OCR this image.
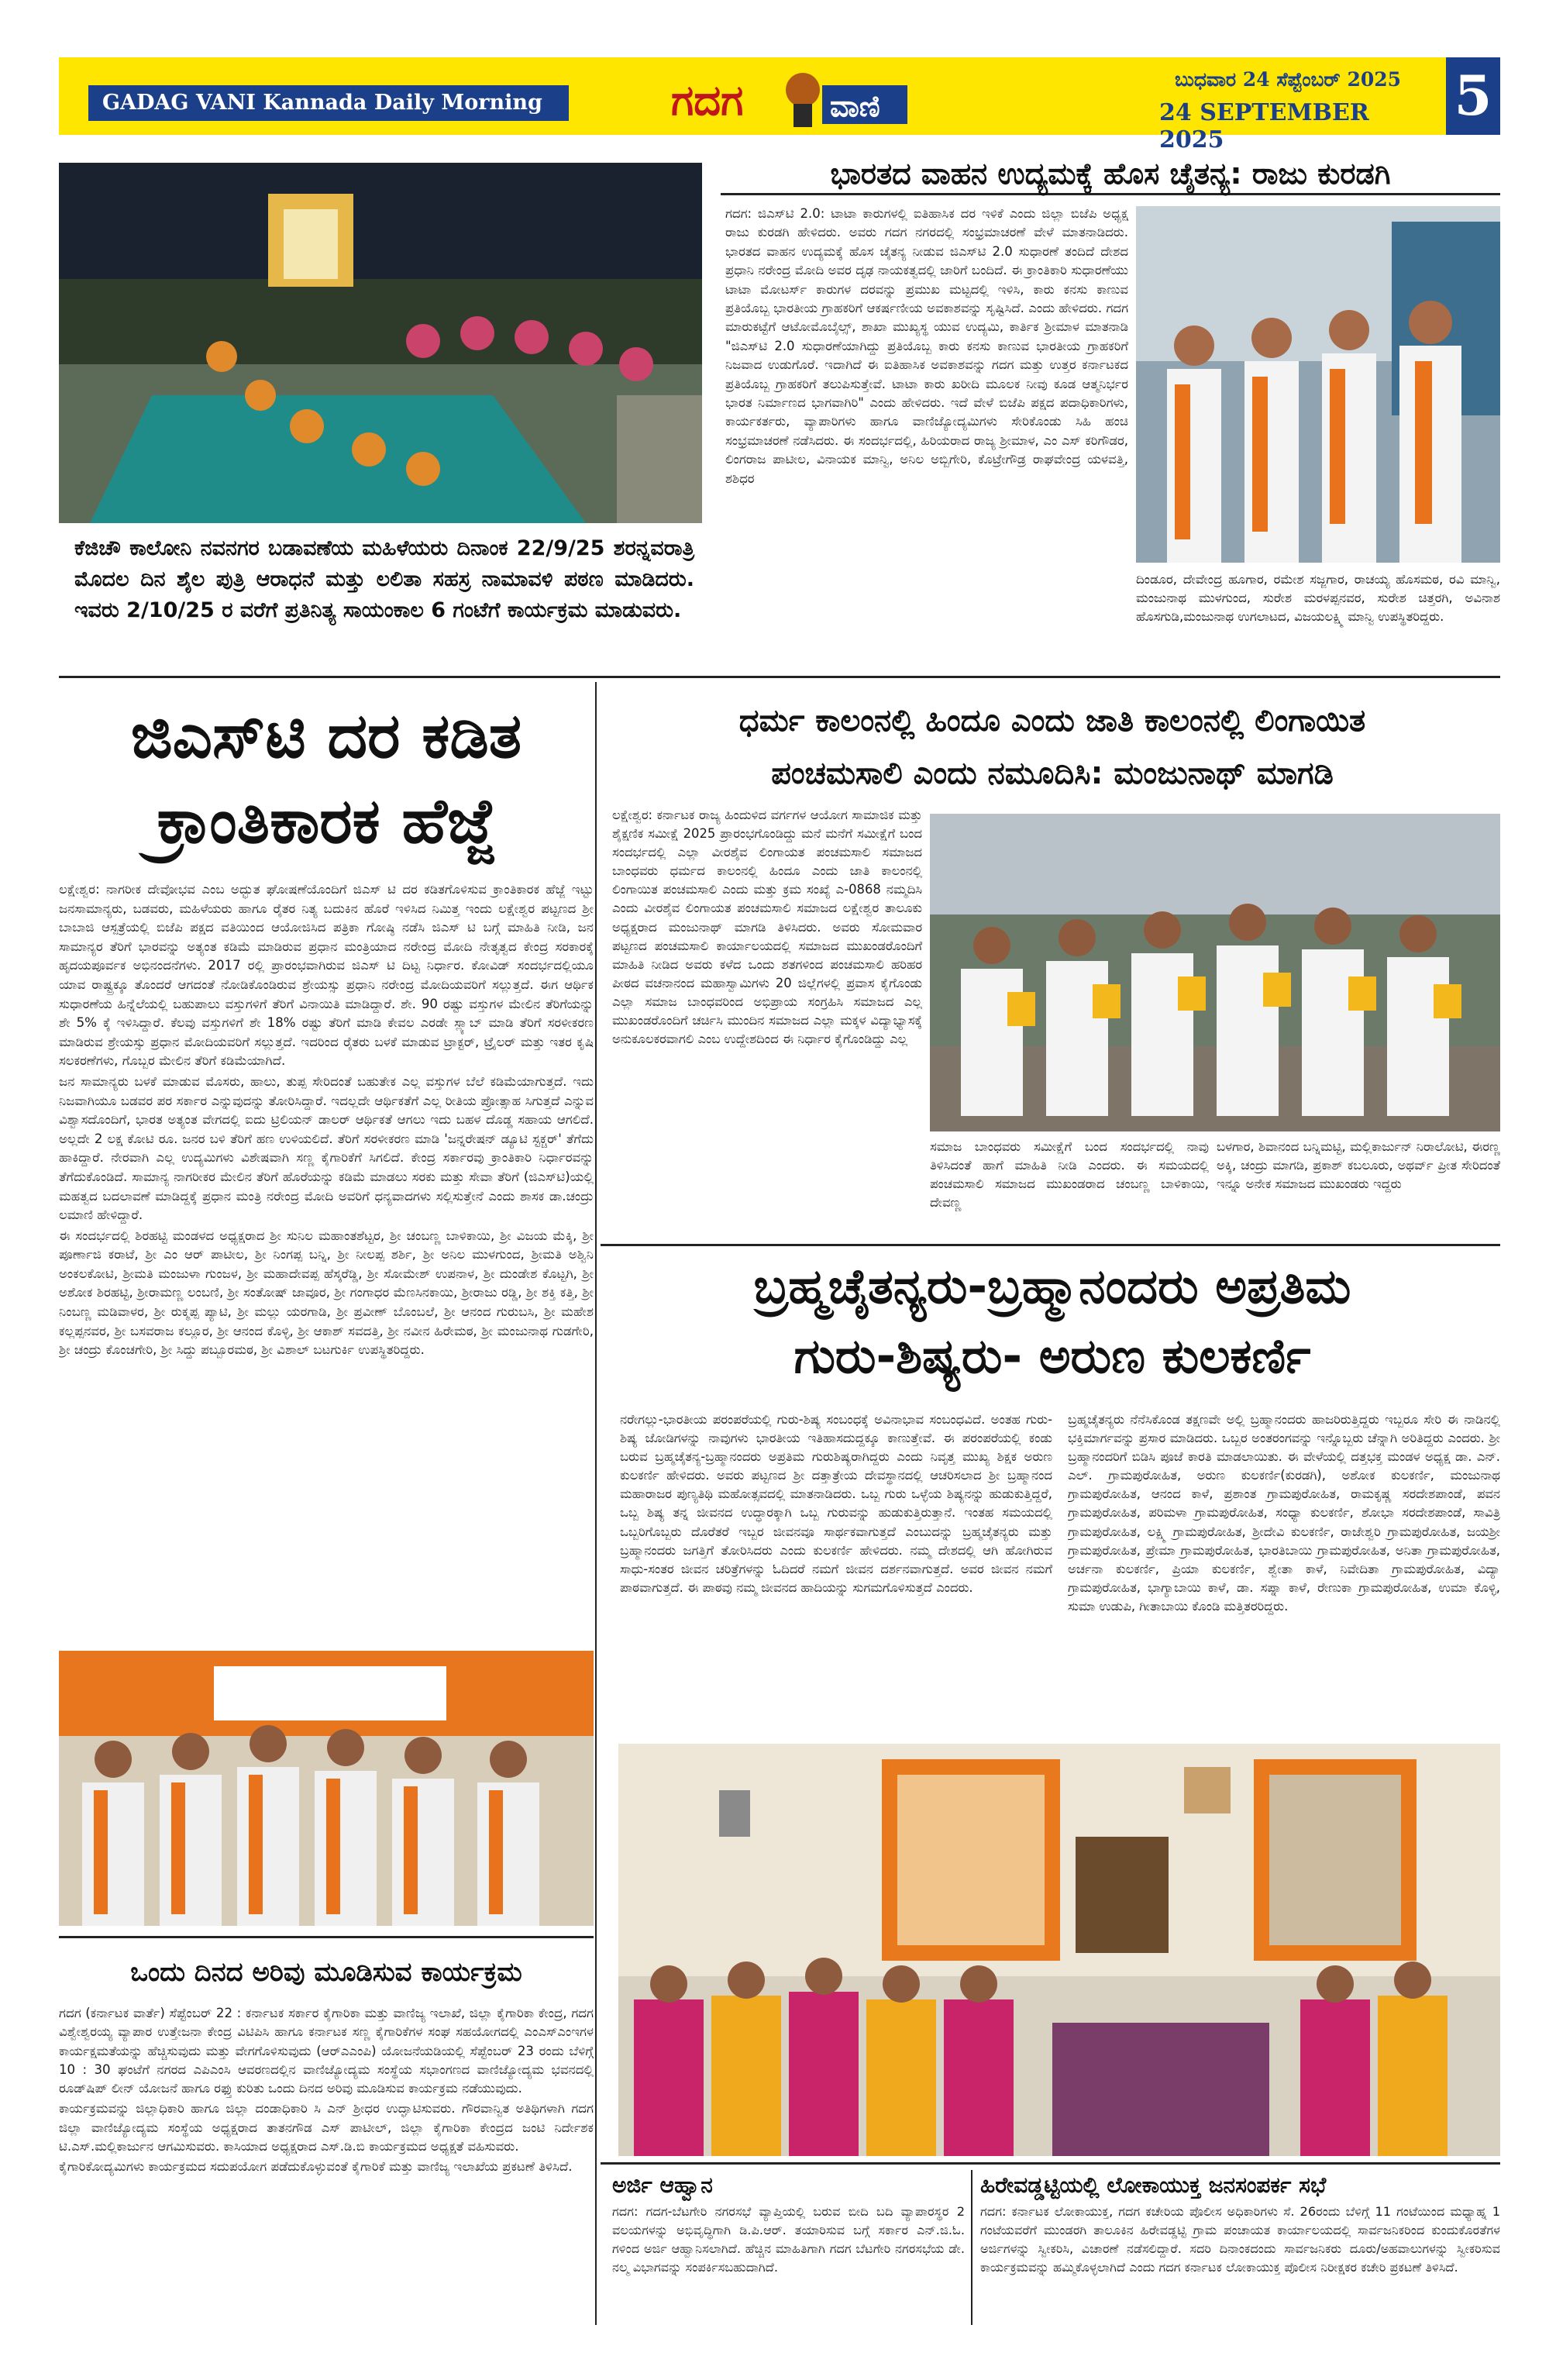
GADAG VANI Kannada Daily Morning	ಗದಗ	ವಾಣಿ
ಬುಧವಾರ 24 ಸೆಪ್ಟೆಂಬರ್ 2025
24 SEPTEMBER 2025
5
ಕೆಜಿಚೌ ಕಾಲೋನಿ ನವನಗರ ಬಡಾವಣೆಯ ಮಹಿಳೆಯರು ದಿನಾಂಕ 22/9/25 ಶರನ್ನವರಾತ್ರಿ ಮೊದಲ ದಿನ ಶೈಲ ಪುತ್ರಿ ಆರಾಧನೆ ಮತ್ತು ಲಲಿತಾ ಸಹಸ್ರ ನಾಮಾವಳಿ ಪಠಣ ಮಾಡಿದರು. ಇವರು 2/10/25 ರ ವರೆಗೆ ಪ್ರತಿನಿತ್ಯ ಸಾಯಂಕಾಲ 6 ಗಂಟೆಗೆ ಕಾರ್ಯಕ್ರಮ ಮಾಡುವರು.
ಭಾರತದ ವಾಹನ ಉದ್ಯಮಕ್ಕೆ ಹೊಸ ಚೈತನ್ಯ: ರಾಜು ಕುರಡಗಿ
ಗದಗ: ಜಿಎಸ್‌ಟಿ 2.0: ಟಾಟಾ ಕಾರುಗಳಲ್ಲಿ ಐತಿಹಾಸಿಕ ದರ ಇಳಿಕೆ ಎಂದು ಜಿಲ್ಲಾ ಬಿಜೆಪಿ ಅಧ್ಯಕ್ಷ ರಾಜು ಕುರಡಗಿ ಹೇಳಿದರು. ಅವರು ಗದಗ ನಗರದಲ್ಲಿ ಸಂಭ್ರಮಾಚರಣೆ ವೇಳೆ ಮಾತನಾಡಿದರು. ಭಾರತದ ವಾಹನ ಉದ್ಯಮಕ್ಕೆ ಹೊಸ ಚೈತನ್ಯ ನೀಡುವ ಜಿಎಸ್‌ಟಿ 2.0 ಸುಧಾರಣೆ ತಂದಿದೆ ದೇಶದ ಪ್ರಧಾನಿ ನರೇಂದ್ರ ಮೋದಿ ಅವರ ದೃಢ ನಾಯಕತ್ವದಲ್ಲಿ ಜಾರಿಗೆ ಬಂದಿದೆ. ಈ ಕ್ರಾಂತಿಕಾರಿ ಸುಧಾರಣೆಯು ಟಾಟಾ ಮೋಟರ್ಸ್ ಕಾರುಗಳ ದರವನ್ನು ಪ್ರಮುಖ ಮಟ್ಟದಲ್ಲಿ ಇಳಿಸಿ, ಕಾರು ಕನಸು ಕಾಣುವ ಪ್ರತಿಯೊಬ್ಬ ಭಾರತೀಯ ಗ್ರಾಹಕರಿಗೆ ಆಕರ್ಷಣೀಯ ಅವಕಾಶವನ್ನು ಸೃಷ್ಟಿಸಿದೆ. ಎಂದು ಹೇಳಿದರು. ಗದಗ ಮಾರುಕಟ್ಟೆಗೆ ಆಟೋಮೊಬೈಲ್ಸ್, ಶಾಖಾ ಮುಖ್ಯಸ್ಥ ಯುವ ಉದ್ಯಮಿ, ಕಾರ್ತಿಕ ಶ್ರೀಮಾಳ ಮಾತನಾಡಿ "ಜಿಎಸ್‌ಟಿ 2.0 ಸುಧಾರಣೆಯಾಗಿದ್ದು ಪ್ರತಿಯೊಬ್ಬ ಕಾರು ಕನಸು ಕಾಣುವ ಭಾರತೀಯ ಗ್ರಾಹಕರಿಗೆ ನಿಜವಾದ ಉಡುಗೊರೆ. ಇದಾಗಿದೆ ಈ ಐತಿಹಾಸಿಕ ಅವಕಾಶವನ್ನು ಗದಗ ಮತ್ತು ಉತ್ತರ ಕರ್ನಾಟಕದ ಪ್ರತಿಯೊಬ್ಬ ಗ್ರಾಹಕರಿಗೆ ತಲುಪಿಸುತ್ತೇವೆ. ಟಾಟಾ ಕಾರು ಖರೀದಿ ಮೂಲಕ ನೀವು ಕೂಡ ಆತ್ಮನಿರ್ಭರ ಭಾರತ ನಿರ್ಮಾಣದ ಭಾಗವಾಗಿರಿ" ಎಂದು ಹೇಳಿದರು. ಇದೆ ವೇಳೆ ಬಿಜೆಪಿ ಪಕ್ಷದ ಪದಾಧಿಕಾರಿಗಳು, ಕಾರ್ಯಕರ್ತರು, ವ್ಯಾಪಾರಿಗಳು ಹಾಗೂ ವಾಣಿಜ್ಯೋದ್ಯಮಿಗಳು ಸೇರಿಕೊಂಡು ಸಿಹಿ ಹಂಚಿ ಸಂಭ್ರಮಾಚರಣೆ ನಡೆಸಿದರು. ಈ ಸಂದರ್ಭದಲ್ಲಿ, ಹಿರಿಯರಾದ ರಾಜ್ಯ ಶ್ರೀಮಾಳ, ಎಂ ಎಸ್ ಕರಿಗೌಡರ, ಲಿಂಗರಾಜ ಪಾಟೀಲ, ವಿನಾಯಕ ಮಾನ್ವಿ, ಅನಿಲ ಅಬ್ಬಿಗೇರಿ, ಕೊಟ್ರೇಗೌಡ್ರ ರಾಘವೇಂದ್ರ ಯಳವತ್ತಿ, ಶಶಿಧರ
ದಿಂಡೂರ, ದೇವೇಂದ್ರ ಹೂಗಾರ, ರಮೇಶ ಸಜ್ಜಗಾರ, ರಾಚಯ್ಯ ಹೊಸಮಠ, ರವಿ ಮಾನ್ವಿ, ಮಂಜುನಾಥ ಮುಳಗುಂದ, ಸುರೇಶ ಮರಳಪ್ಪನವರ, ಸುರೇಶ ಚಿತ್ತರಗಿ, ಅವಿನಾಶ ಹೊಸಗುಡಿ,ಮಂಜುನಾಥ ಉಗಲಾಟದ, ವಿಜಯಲಕ್ಷ್ಮಿ ಮಾನ್ವಿ ಉಪಸ್ಥಿತರಿದ್ದರು.
ಜಿಎಸ್‌ಟಿ ದರ ಕಡಿತ
ಕ್ರಾಂತಿಕಾರಕ ಹೆಜ್ಜೆ

ಲಕ್ಷೇಶ್ವರ: ನಾಗರೀಕ ದೇವೋಭವ ಎಂಬ ಅದ್ಭುತ ಘೋಷಣೆಯೊಂದಿಗೆ ಜಿಎಸ್ ಟಿ ದರ ಕಡಿತಗೊಳಿಸುವ ಕ್ರಾಂತಿಕಾರಕ ಹೆಜ್ಜೆ ಇಟ್ಟು ಜನಸಾಮಾನ್ಯರು, ಬಡವರು, ಮಹಿಳೆಯರು ಹಾಗೂ ರೈತರ ನಿತ್ಯ ಬದುಕಿನ ಹೊರೆ ಇಳಿಸಿದ ನಿಮಿತ್ತ ಇಂದು ಲಕ್ಷೇಶ್ವರ ಪಟ್ಟಣದ ಶ್ರೀ ಬಾಬಾಜಿ ಆಸ್ಪತ್ರೆಯಲ್ಲಿ ಬಿಜೆಪಿ ಪಕ್ಷದ ವತಿಯಿಂದ ಆಯೋಜಿಸಿದ ಪತ್ರಿಕಾ ಗೋಷ್ಠಿ ನಡೆಸಿ ಜಿಎಸ್ ಟಿ ಬಗ್ಗೆ ಮಾಹಿತಿ ನೀಡಿ, ಜನ ಸಾಮಾನ್ಯರ ತೆರಿಗೆ ಭಾರವನ್ನು ಅತ್ಯಂತ ಕಡಿಮೆ ಮಾಡಿರುವ ಪ್ರಧಾನ ಮಂತ್ರಿಯಾದ ನರೇಂದ್ರ ಮೋದಿ ನೇತೃತ್ವದ ಕೇಂದ್ರ ಸರಕಾರಕ್ಕೆ ಹೃದಯಪೂರ್ವಕ ಅಭಿನಂದನೆಗಳು. 2017 ರಲ್ಲಿ ಪ್ರಾರಂಭವಾಗಿರುವ ಜಿಎಸ್ ಟಿ ದಿಟ್ಟ ನಿರ್ಧಾರ. ಕೋವಿಡ್ ಸಂದರ್ಭದಲ್ಲಿಯೂ ಯಾವ ರಾಷ್ಟ್ರಕ್ಕೂ ತೊಂದರೆ ಆಗದಂತೆ ನೋಡಿಕೊಂಡಿರುವ ಶ್ರೇಯಸ್ಸು ಪ್ರಧಾನಿ ನರೇಂದ್ರ ಮೋದಿಯವರಿಗೆ ಸಲ್ಲುತ್ತದೆ. ಈಗ ಆರ್ಥಿಕ ಸುಧಾರಣೆಯ ಹಿನ್ನೆಲೆಯಲ್ಲಿ ಬಹುಪಾಲು ವಸ್ತುಗಳಿಗೆ ತೆರಿಗೆ ವಿನಾಯಿತಿ ಮಾಡಿದ್ದಾರೆ. ಶೇ. 90 ರಷ್ಟು ವಸ್ತುಗಳ ಮೇಲಿನ ತೆರಿಗೆಯನ್ನು ಶೇ 5% ಕ್ಕೆ ಇಳಿಸಿದ್ದಾರೆ. ಕೆಲವು ವಸ್ತುಗಳಿಗೆ ಶೇ 18% ರಷ್ಟು ತೆರಿಗೆ ಮಾಡಿ ಕೇವಲ ಎರಡೇ ಸ್ಲ್ಯಾಬ್ ಮಾಡಿ ತೆರಿಗೆ ಸರಳೀಕರಣ ಮಾಡಿರುವ ಶ್ರೇಯಸ್ಸು ಪ್ರಧಾನ ಮೋದಿಯವರಿಗೆ ಸಲ್ಲುತ್ತದೆ. ಇದರಿಂದ ರೈತರು ಬಳಕೆ ಮಾಡುವ ಟ್ರಾಕ್ಟರ್, ಟ್ರೈಲರ್ ಮತ್ತು ಇತರ ಕೃಷಿ ಸಲಕರಣೆಗಳು, ಗೊಬ್ಬರ ಮೇಲಿನ ತೆರಿಗೆ ಕಡಿಮೆಯಾಗಿದೆ.

ಜನ ಸಾಮಾನ್ಯರು ಬಳಕೆ ಮಾಡುವ ಮೊಸರು, ಹಾಲು, ತುಪ್ಪ ಸೇರಿದಂತೆ ಬಹುತೇಕ ಎಲ್ಲ ವಸ್ತುಗಳ ಬೆಲೆ ಕಡಿಮೆಯಾಗುತ್ತದೆ. ಇದು ನಿಜವಾಗಿಯೂ ಬಡವರ ಪರ ಸರ್ಕಾರ ಎನ್ನುವುದನ್ನು ತೋರಿಸಿದ್ದಾರೆ. ಇದಲ್ಲದೇ ಆರ್ಥಿಕತೆಗೆ ಎಲ್ಲ ರೀತಿಯ ಪ್ರೋತ್ಸಾಹ ಸಿಗುತ್ತದೆ ಎನ್ನುವ ವಿಶ್ವಾಸದೊಂದಿಗೆ, ಭಾರತ ಅತ್ಯಂತ ವೇಗದಲ್ಲಿ ಐದು ಟ್ರಿಲಿಯನ್ ಡಾಲರ್ ಆರ್ಥಿಕತೆ ಆಗಲು ಇದು ಬಹಳ ದೊಡ್ಡ ಸಹಾಯ ಆಗಲಿದೆ. ಅಲ್ಲದೇ 2 ಲಕ್ಷ ಕೋಟಿ ರೂ. ಜನರ ಬಳಿ ತೆರಿಗೆ ಹಣ ಉಳಿಯಲಿದೆ. ತೆರಿಗೆ ಸರಳೀಕರಣ ಮಾಡಿ 'ಜನ್ನರೇಷನ್ ಡ್ಯೂಟಿ ಸ್ಟಕ್ಚರ್' ತೆಗೆದು ಹಾಕಿದ್ದಾರೆ. ನೇರವಾಗಿ ಎಲ್ಲ ಉದ್ಯಮಿಗಳು ವಿಶೇಷವಾಗಿ ಸಣ್ಣ ಕೈಗಾರಿಕೆಗೆ ಸಿಗಲಿದೆ. ಕೇಂದ್ರ ಸರ್ಕಾರವು ಕ್ರಾಂತಿಕಾರಿ ನಿರ್ಧಾರವನ್ನು ತೆಗೆದುಕೊಂಡಿದೆ. ಸಾಮಾನ್ಯ ನಾಗರೀಕರ ಮೇಲಿನ ತೆರಿಗೆ ಹೊರೆಯನ್ನು ಕಡಿಮೆ ಮಾಡಲು ಸರಕು ಮತ್ತು ಸೇವಾ ತೆರಿಗೆ (ಜಿಎಸ್‌ಟಿ)ಯಲ್ಲಿ ಮಹತ್ವದ ಬದಲಾವಣೆ ಮಾಡಿದ್ದಕ್ಕೆ ಪ್ರಧಾನ ಮಂತ್ರಿ ನರೇಂದ್ರ ಮೋದಿ ಅವರಿಗೆ ಧನ್ಯವಾದಗಳು ಸಲ್ಲಿಸುತ್ತೇನೆ ಎಂದು ಶಾಸಕ ಡಾ.ಚಂದ್ರು ಲಮಾಣಿ ಹೇಳಿದ್ದಾರೆ.

ಈ ಸಂದರ್ಭದಲ್ಲಿ ಶಿರಹಟ್ಟಿ ಮಂಡಳದ ಅಧ್ಯಕ್ಷರಾದ ಶ್ರೀ ಸುನಿಲ ಮಹಾಂತಶೆಟ್ಟರ, ಶ್ರೀ ಚಂಬಣ್ಣ ಬಾಳಿಕಾಯಿ, ಶ್ರೀ ವಿಜಯ ಮೆಕ್ಕಿ, ಶ್ರೀ ಪೂರ್ಣಾಜಿ ಕರಾಟೆ, ಶ್ರೀ ಎಂ ಆರ್ ಪಾಟೀಲ, ಶ್ರೀ ನಿಂಗಪ್ಪ ಬನ್ನಿ, ಶ್ರೀ ನೀಲಪ್ಪ ಶರ್ಶಿ, ಶ್ರೀ ಅನಿಲ ಮುಳಗುಂದ, ಶ್ರೀಮತಿ ಅಶ್ವಿನಿ ಅಂಕಲಕೋಟಿ, ಶ್ರೀಮತಿ ಮಂಜುಳಾ ಗುಂಜಳ, ಶ್ರೀ ಮಹಾದೇವಪ್ಪ ಹೆಸ್ಕರೆಡ್ಡಿ, ಶ್ರೀ ಸೋಮೇಶ್ ಉಪನಾಳ, ಶ್ರೀ ದುಂಡೇಶ ಕೊಟ್ಟಗಿ, ಶ್ರೀ ಅಶೋಕ ಶಿರಹಟ್ಟಿ, ಶ್ರೀರಾಮಣ್ಣ ಲಂಬಣಿ, ಶ್ರೀ ಸಂತೋಷ್ ಜಾವೂರ, ಶ್ರೀ ಗಂಗಾಧರ ಮೆಣಸಿನಕಾಯಿ, ಶ್ರೀರಾಜು ರಡ್ಡಿ, ಶ್ರೀ ಶಕ್ತಿ ಕತ್ತಿ, ಶ್ರೀ ನಿಂಬಣ್ಣ ಮಡಿವಾಳರ, ಶ್ರೀ ರುಕ್ಮಪ್ಪ ಪ್ಯಾಟಿ, ಶ್ರೀ ಮಲ್ಲು ಯರಗಾಡಿ, ಶ್ರೀ ಪ್ರವೀಣ್ ಬೊಂಬಲೆ, ಶ್ರೀ ಆನಂದ ಗುರುಬಸಿ, ಶ್ರೀ ಮಹೇಶ ಕಲ್ಲಪ್ಪನವರ, ಶ್ರೀ ಬಸವರಾಜ ಕಲ್ಲೂರ, ಶ್ರೀ ಆನಂದ ಕೊಳ್ಳಿ, ಶ್ರೀ ಆಕಾಶ್ ಸವದತ್ತಿ, ಶ್ರೀ ನವೀನ ಹಿರೇಮಠ, ಶ್ರೀ ಮಂಜುನಾಥ ಗುಡಗೇರಿ, ಶ್ರೀ ಚಂದ್ರು ಕೊಂಚಗೇರಿ, ಶ್ರೀ ಸಿದ್ದು ಪಬ್ಬೂರಮಠ, ಶ್ರೀ ವಿಶಾಲ್ ಬಟಗುರ್ಕಿ ಉಪಸ್ಥಿತರಿದ್ದರು.

ಧರ್ಮ ಕಾಲಂನಲ್ಲಿ ಹಿಂದೂ ಎಂದು ಜಾತಿ ಕಾಲಂನಲ್ಲಿ ಲಿಂಗಾಯಿತ
ಪಂಚಮಸಾಲಿ ಎಂದು ನಮೂದಿಸಿ: ಮಂಜುನಾಥ್ ಮಾಗಡಿ
ಲಕ್ಷೇಶ್ವರ: ಕರ್ನಾಟಕ ರಾಜ್ಯ ಹಿಂದುಳಿದ ವರ್ಗಗಳ ಆಯೋಗ ಸಾಮಾಜಿಕ ಮತ್ತು ಶೈಕ್ಷಣಿಕ ಸಮೀಕ್ಷೆ 2025 ಪ್ರಾರಂಭಗೊಂಡಿದ್ದು ಮನೆ ಮನೆಗೆ ಸಮೀಕ್ಷೆಗೆ ಬಂದ ಸಂದರ್ಭದಲ್ಲಿ ಎಲ್ಲಾ ವೀರಶೈವ ಲಿಂಗಾಯತ ಪಂಚಮಸಾಲಿ ಸಮಾಜದ ಬಾಂಧವರು ಧರ್ಮದ ಕಾಲಂನಲ್ಲಿ ಹಿಂದೂ ಎಂದು ಜಾತಿ ಕಾಲಂನಲ್ಲಿ ಲಿಂಗಾಯಿತ ಪಂಚಮಸಾಲಿ ಎಂದು ಮತ್ತು ಕ್ರಮ ಸಂಖ್ಯೆ ಎ-0868 ನಮ್ಮದಿಸಿ ಎಂದು ವೀರಶೈವ ಲಿಂಗಾಯತ ಪಂಚಮಸಾಲಿ ಸಮಾಜದ ಲಕ್ಷೇಶ್ವರ ತಾಲೂಕು ಅಧ್ಯಕ್ಷರಾದ ಮಂಜುನಾಥ್ ಮಾಗಡಿ ತಿಳಿಸಿದರು. ಅವರು ಸೋಮವಾರ ಪಟ್ಟಣದ ಪಂಚಮಸಾಲಿ ಕಾರ್ಯಾಲಯದಲ್ಲಿ ಸಮಾಜದ ಮುಖಂಡರೊಂದಿಗೆ ಮಾಹಿತಿ ನೀಡಿದ ಅವರು ಕಳೆದ ಒಂದು ಶತಗಳಿಂದ ಪಂಚಮಸಾಲಿ ಹರಿಹರ ಪೀಠದ ವಚನಾನಂದ ಮಹಾಸ್ವಾಮಿಗಳು 20 ಜಿಲ್ಲೆಗಳಲ್ಲಿ ಪ್ರವಾಸ ಕೈಗೊಂಡು ಎಲ್ಲಾ ಸಮಾಜ ಬಾಂಧವರಿಂದ ಅಭಿಪ್ರಾಯ ಸಂಗ್ರಹಿಸಿ ಸಮಾಜದ ಎಲ್ಲ ಮುಖಂಡರೊಂದಿಗೆ ಚರ್ಚಿಸಿ ಮುಂದಿನ ಸಮಾಜದ ಎಲ್ಲಾ ಮಕ್ಕಳ ವಿದ್ಯಾಭ್ಯಾಸಕ್ಕೆ ಅನುಕೂಲಕರವಾಗಲಿ ಎಂಬ ಉದ್ದೇಶದಿಂದ ಈ ನಿರ್ಧಾರ ಕೈಗೊಂಡಿದ್ದು ಎಲ್ಲ
ಸಮಾಜ ಬಾಂಧವರು ಸಮೀಕ್ಷೆಗೆ ಬಂದ ಸಂದರ್ಭದಲ್ಲಿ ನಾವು ತಿಳಿಸಿದಂತೆ ಹಾಗೆ ಮಾಹಿತಿ ನೀಡಿ ಎಂದರು. ಈ ಸಮಯದಲ್ಲಿ ಪಂಚಮಸಾಲಿ ಸಮಾಜದ ಮುಖಂಡರಾದ ಚಂಬಣ್ಣ ಬಾಳಿಕಾಯಿ, ದೇವಣ್ಣ
ಬಳಗಾರ, ಶಿವಾನಂದ ಬನ್ನಿಮಟ್ಟಿ, ಮಲ್ಲಿಕಾರ್ಜುನ್ ನಿರಾಲೋಟಿ, ಈರಣ್ಣ ಅಕ್ಕಿ, ಚಂದ್ರು ಮಾಗಡಿ, ಪ್ರಕಾಶ್ ಕಬಲೂರು, ಅಥರ್ವ್ ಪ್ರೀತ ಸೇರಿದಂತೆ ಇನ್ನೂ ಅನೇಕ ಸಮಾಜದ ಮುಖಂಡರು ಇದ್ದರು
ಬ್ರಹ್ಮಚೈತನ್ಯರು-ಬ್ರಹ್ಮಾನಂದರು ಅಪ್ರತಿಮ
ಗುರು-ಶಿಷ್ಯರು- ಅರುಣ ಕುಲಕರ್ಣಿ
ನರೇಗಲ್ಲು-ಭಾರತೀಯ ಪರಂಪರೆಯಲ್ಲಿ ಗುರು-ಶಿಷ್ಯ ಸಂಬಂಧಕ್ಕೆ ಅವಿನಾಭಾವ ಸಂಬಂಧವಿದೆ. ಅಂತಹ ಗುರು-ಶಿಷ್ಯ ಜೋಡಿಗಳನ್ನು ನಾವುಗಳು ಭಾರತೀಯ ಇತಿಹಾಸದುದ್ದಕ್ಕೂ ಕಾಣುತ್ತೇವೆ. ಈ ಪರಂಪರೆಯಲ್ಲಿ ಕಂಡು ಬರುವ ಬ್ರಹ್ಮಚೈತನ್ಯ-ಬ್ರಹ್ಮಾನಂದರು ಅಪ್ರತಿಮ ಗುರುಶಿಷ್ಯರಾಗಿದ್ದರು ಎಂದು ನಿವೃತ್ತ ಮುಖ್ಯ ಶಿಕ್ಷಕ ಅರುಣ ಕುಲಕರ್ಣಿ ಹೇಳಿದರು. ಅವರು ಪಟ್ಟಣದ ಶ್ರೀ ದತ್ತಾತ್ರೇಯ ದೇವಸ್ಥಾನದಲ್ಲಿ ಆಚರಿಸಲಾದ ಶ್ರೀ ಬ್ರಹ್ಮಾನಂದ ಮಹಾರಾಜರ ಪುಣ್ಯತಿಥಿ ಮಹೋತ್ಸವದಲ್ಲಿ ಮಾತನಾಡಿದರು. ಒಬ್ಬ ಗುರು ಒಳ್ಳೆಯ ಶಿಷ್ಯನನ್ನು ಹುಡುಕುತ್ತಿದ್ದರೆ, ಒಬ್ಬ ಶಿಷ್ಯ ತನ್ನ ಜೀವನದ ಉದ್ಧಾರಕ್ಕಾಗಿ ಒಬ್ಬ ಗುರುವನ್ನು ಹುಡುಕುತ್ತಿರುತ್ತಾನೆ. ಇಂತಹ ಸಮಯದಲ್ಲಿ ಒಬ್ಬರಿಗೊಬ್ಬರು ದೊರೆತರೆ ಇಬ್ಬರ ಜೀವನವೂ ಸಾರ್ಥಕವಾಗುತ್ತದೆ ಎಂಬುದನ್ನು ಬ್ರಹ್ಮಚೈತನ್ಯರು ಮತ್ತು ಬ್ರಹ್ಮಾನಂದರು ಜಗತ್ತಿಗೆ ತೋರಿಸಿದರು ಎಂದು ಕುಲಕರ್ಣಿ ಹೇಳಿದರು. ನಮ್ಮ ದೇಶದಲ್ಲಿ ಆಗಿ ಹೋಗಿರುವ ಸಾಧು-ಸಂತರ ಜೀವನ ಚರಿತ್ರೆಗಳನ್ನು ಓದಿದರೆ ನಮಗೆ ಜೀವನ ದರ್ಶನವಾಗುತ್ತದೆ. ಅವರ ಜೀವನ ನಮಗೆ ಪಾಠವಾಗುತ್ತದೆ. ಈ ಪಾಠವು ನಮ್ಮ ಜೀವನದ ಹಾದಿಯನ್ನು ಸುಗಮಗೊಳಿಸುತ್ತದೆ ಎಂದರು.
ಬ್ರಹ್ಮಚೈತನ್ಯರು ನೆನೆಸಿಕೊಂಡ ತಕ್ಷಣವೇ ಅಲ್ಲಿ ಬ್ರಹ್ಮಾನಂದರು ಹಾಜರಿರುತ್ತಿದ್ದರು ಇಬ್ಬರೂ ಸೇರಿ ಈ ನಾಡಿನಲ್ಲಿ ಭಕ್ತಿಮಾರ್ಗವನ್ನು ಪ್ರಸಾರ ಮಾಡಿದರು. ಒಬ್ಬರ ಅಂತರಂಗವನ್ನು ಇನ್ನೊಬ್ಬರು ಚೆನ್ನಾಗಿ ಅರಿತಿದ್ದರು ಎಂದರು. ಶ್ರೀ ಬ್ರಹ್ಮಾನಂದರಿಗೆ ಬಿಡಿಸಿ ಪೂಜೆ ಕಾರತಿ ಮಾಡಲಾಯಿತು. ಈ ವೇಳೆಯಲ್ಲಿ ದತ್ತಭಕ್ತ ಮಂಡಳ ಅಧ್ಯಕ್ಷ ಡಾ. ಎನ್. ಎಲ್. ಗ್ರಾಮಪುರೋಹಿತ, ಅರುಣ ಕುಲಕರ್ಣಿ(ಕುರಡಗಿ), ಅಶೋಕ ಕುಲಕರ್ಣಿ, ಮಂಜುನಾಥ ಗ್ರಾಮಪುರೋಹಿತ, ಆನಂದ ಕಾಳೆ, ಪ್ರಶಾಂತ ಗ್ರಾಮಪುರೋಹಿತ, ರಾಮಕೃಷ್ಣ ಸರದೇಶಪಾಂಡೆ, ಪವನ ಗ್ರಾಮಪುರೋಹಿತ, ಪರಿಮಳಾ ಗ್ರಾಮಪುರೋಹಿತ, ಸಂಧ್ಯಾ ಕುಲಕರ್ಣಿ, ಶೋಭಾ ಸರದೇಶಪಾಂಡೆ, ಸಾವಿತ್ರಿ ಗ್ರಾಮಪುರೋಹಿತ, ಲಕ್ಷ್ಮಿ ಗ್ರಾಮಪುರೋಹಿತ, ಶ್ರೀದೇವಿ ಕುಲಕರ್ಣಿ, ರಾಜೇಶ್ವರಿ ಗ್ರಾಮಪುರೋಹಿತ, ಜಯಶ್ರೀ ಗ್ರಾಮಪುರೋಹಿತ, ಪ್ರೇಮಾ ಗ್ರಾಮಪುರೋಹಿತ, ಭಾರತಿಬಾಯಿ ಗ್ರಾಮಪುರೋಹಿತ, ಅನಿತಾ ಗ್ರಾಮಪುರೋಹಿತ, ಅರ್ಚನಾ ಕುಲಕರ್ಣಿ, ಪ್ರಿಯಾ ಕುಲಕರ್ಣಿ, ಶ್ವೇತಾ ಕಾಳೆ, ನಿವೇದಿತಾ ಗ್ರಾಮಪುರೋಹಿತ, ವಿದ್ಯಾ ಗ್ರಾಮಪುರೋಹಿತ, ಭಾಗ್ಯಾಬಾಯಿ ಕಾಳೆ, ಡಾ. ಸಪ್ನಾ ಕಾಳೆ, ರೇಣುಕಾ ಗ್ರಾಮಪುರೋಹಿತ, ಉಮಾ ಕೊಳ್ಳಿ, ಸುಮಾ ಉಡುಪಿ, ಗೀತಾಬಾಯಿ ಕೊಂಡಿ ಮತ್ತಿತರರಿದ್ದರು.
ಒಂದು ದಿನದ ಅರಿವು ಮೂಡಿಸುವ ಕಾರ್ಯಕ್ರಮ

ಗದಗ (ಕರ್ನಾಟಕ ವಾರ್ತೆ) ಸೆಪ್ಟೆಂಬರ್ 22 : ಕರ್ನಾಟಕ ಸರ್ಕಾರ ಕೈಗಾರಿಕಾ ಮತ್ತು ವಾಣಿಜ್ಯ ಇಲಾಖೆ, ಜಿಲ್ಲಾ ಕೈಗಾರಿಕಾ ಕೇಂದ್ರ, ಗದಗ ವಿಶ್ವೇಶ್ವರಯ್ಯ ವ್ಯಾಪಾರ ಉತ್ತೇಜನಾ ಕೇಂದ್ರ ವಿಟಿಪಿಸಿ ಹಾಗೂ ಕರ್ನಾಟಕ ಸಣ್ಣ ಕೈಗಾರಿಕೆಗಳ ಸಂಘ ಸಹಯೋಗದಲ್ಲಿ ಎಂಎಸ್‌ಎಂಇಗಳ ಕಾರ್ಯಕ್ಷಮತೆಯನ್ನು ಹೆಚ್ಚಿಸುವುದು ಮತ್ತು ವೇಗಗೊಳಿಸುವುದು (ಆರ್‌ಎಎಂಪಿ) ಯೋಜನೆಯಡಿಯಲ್ಲಿ ಸೆಪ್ಟೆಂಬರ್ 23 ರಂದು ಬೆಳಿಗ್ಗೆ 10 : 30 ಘಂಟೆಗೆ ನಗರದ ಎಪಿಎಂಸಿ ಆವರಣದಲ್ಲಿನ ವಾಣಿಜ್ಯೋದ್ಯಮ ಸಂಸ್ಥೆಯ ಸಭಾಂಗಣದ ವಾಣಿಜ್ಯೋದ್ಯಮ ಭವನದಲ್ಲಿ ರೂಡ್‌ಷಿಪ್ ಲೀನ್ ಯೋಜನೆ ಹಾಗೂ ರಫ್ತು ಕುರಿತು ಒಂದು ದಿನದ ಅರಿವು ಮೂಡಿಸುವ ಕಾರ್ಯಕ್ರಮ ನಡೆಯುವುದು.

ಕಾರ್ಯಕ್ರಮವನ್ನು ಜಿಲ್ಲಾಧಿಕಾರಿ ಹಾಗೂ ಜಿಲ್ಲಾ ದಂಡಾಧಿಕಾರಿ ಸಿ ಎನ್ ಶ್ರೀಧರ ಉದ್ಘಾಟಿಸುವರು. ಗೌರವಾನ್ವಿತ ಅತಿಥಿಗಳಾಗಿ ಗದಗ ಜಿಲ್ಲಾ ವಾಣಿಜ್ಯೋದ್ಯಮ ಸಂಸ್ಥೆಯ ಅಧ್ಯಕ್ಷರಾದ ತಾತನಗೌಡ ಎಸ್ ಪಾಟೀಲ್, ಜಿಲ್ಲಾ ಕೈಗಾರಿಕಾ ಕೇಂದ್ರದ ಜಂಟಿ ನಿರ್ದೇಶಕ ಟಿ.ಎಸ್.ಮಲ್ಲಿಕಾರ್ಜುನ ಆಗಮಿಸುವರು. ಕಾಸಿಯಾದ ಅಧ್ಯಕ್ಷರಾದ ಎಸ್.ಡಿ.ಬಿ ಕಾರ್ಯಕ್ರಮದ ಅಧ್ಯಕ್ಷತೆ ವಹಿಸುವರು.

ಕೈಗಾರಿಕೋದ್ಯಮಿಗಳು ಕಾರ್ಯಕ್ರಮದ ಸದುಪಯೋಗ ಪಡೆದುಕೊಳ್ಳುವಂತೆ ಕೈಗಾರಿಕೆ ಮತ್ತು ವಾಣಿಜ್ಯ ಇಲಾಖೆಯ ಪ್ರಕಟಣೆ ತಿಳಿಸಿದೆ.

ಅರ್ಜಿ ಆಹ್ವಾನ
ಗದಗ: ಗದಗ-ಬೆಟಗೇರಿ ನಗರಸಭೆ ವ್ಯಾಪ್ತಿಯಲ್ಲಿ ಬರುವ ಬೀದಿ ಬದಿ ವ್ಯಾಪಾರಸ್ಥರ 2 ವಲಯಗಳನ್ನು ಅಭಿವೃದ್ಧಿಗಾಗಿ ಡಿ.ಪಿ.ಆರ್. ತಯಾರಿಸುವ ಬಗ್ಗೆ ಸರ್ಕಾರ ಎನ್.ಜಿ.ಓ. ಗಳಿಂದ ಅರ್ಜಿ ಆಹ್ವಾನಿಸಲಾಗಿದೆ. ಹೆಚ್ಚಿನ ಮಾಹಿತಿಗಾಗಿ ಗದಗ ಬೆಟಗೇರಿ ನಗರಸಭೆಯ ಡೇ. ನಲ್ಮ ವಿಭಾಗವನ್ನು ಸಂಪರ್ಕಿಸಬಹುದಾಗಿದೆ.
ಹಿರೇವಡ್ಡಟ್ಟಿಯಲ್ಲಿ ಲೋಕಾಯುಕ್ತ ಜನಸಂಪರ್ಕ ಸಭೆ
ಗದಗ: ಕರ್ನಾಟಕ ಲೋಕಾಯುಕ್ತ, ಗದಗ ಕಚೇರಿಯ ಪೊಲೀಸ ಅಧಿಕಾರಿಗಳು ಸೆ. 26ರಂದು ಬೆಳಿಗ್ಗೆ 11 ಗಂಟೆಯಿಂದ ಮಧ್ಯಾಹ್ನ 1 ಗಂಟೆಯವರೆಗೆ ಮುಂಡರಗಿ ತಾಲೂಕಿನ ಹಿರೇವಡ್ಡಟ್ಟಿ ಗ್ರಾಮ ಪಂಚಾಯತ ಕಾರ್ಯಾಲಯದಲ್ಲಿ ಸಾರ್ವಜನಿಕರಿಂದ ಕುಂದುಕೊರತೆಗಳ ಅರ್ಜಿಗಳನ್ನು ಸ್ವೀಕರಿಸಿ, ವಿಚಾರಣೆ ನಡೆಸಲಿದ್ದಾರೆ. ಸದರಿ ದಿನಾಂಕದಂದು ಸಾರ್ವಜನಿಕರು ದೂರು/ಅಹವಾಲುಗಳನ್ನು ಸ್ವೀಕರಿಸುವ ಕಾರ್ಯಕ್ರಮವನ್ನು ಹಮ್ಮಿಕೊಳ್ಳಲಾಗಿದೆ ಎಂದು ಗದಗ ಕರ್ನಾಟಕ ಲೋಕಾಯುಕ್ತ ಪೊಲೀಸ ನಿರೀಕ್ಷಕರ ಕಚೇರಿ ಪ್ರಕಟಣೆ ತಿಳಿಸಿದೆ.
